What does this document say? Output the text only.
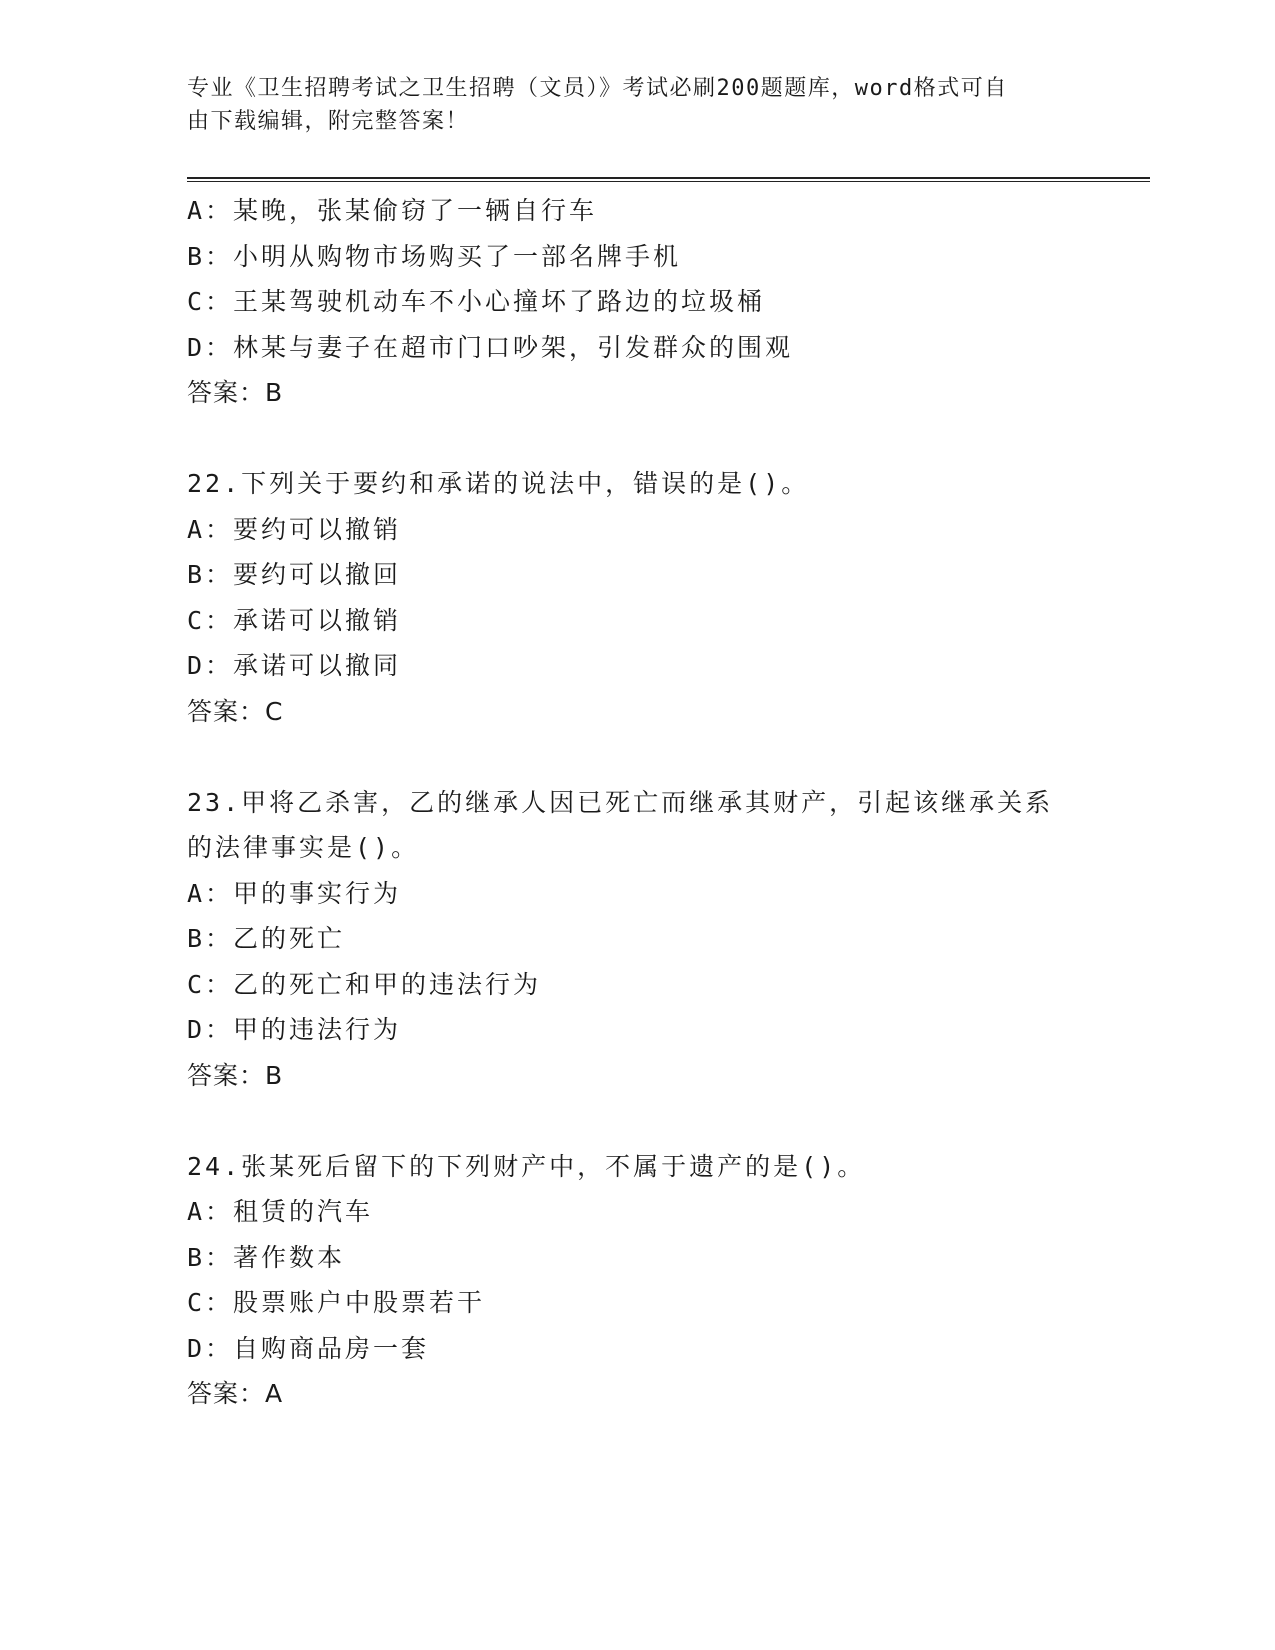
专业《卫生招聘考试之卫生招聘（文员）》考试必刷200题题库，word格式可自
由下载编辑，附完整答案！
A：某晚，张某偷窃了一辆自行车
B：小明从购物市场购买了一部名牌手机
C：王某驾驶机动车不小心撞坏了路边的垃圾桶
D：林某与妻子在超市门口吵架，引发群众的围观
答案：B
22.下列关于要约和承诺的说法中，错误的是()。
A：要约可以撤销
B：要约可以撤回
C：承诺可以撤销
D：承诺可以撤同
答案：C
23.甲将乙杀害，乙的继承人因已死亡而继承其财产，引起该继承关系
的法律事实是()。
A：甲的事实行为
B：乙的死亡
C：乙的死亡和甲的违法行为
D：甲的违法行为
答案：B
24.张某死后留下的下列财产中，不属于遗产的是()。
A：租赁的汽车
B：著作数本
C：股票账户中股票若干
D：自购商品房一套
答案：A
